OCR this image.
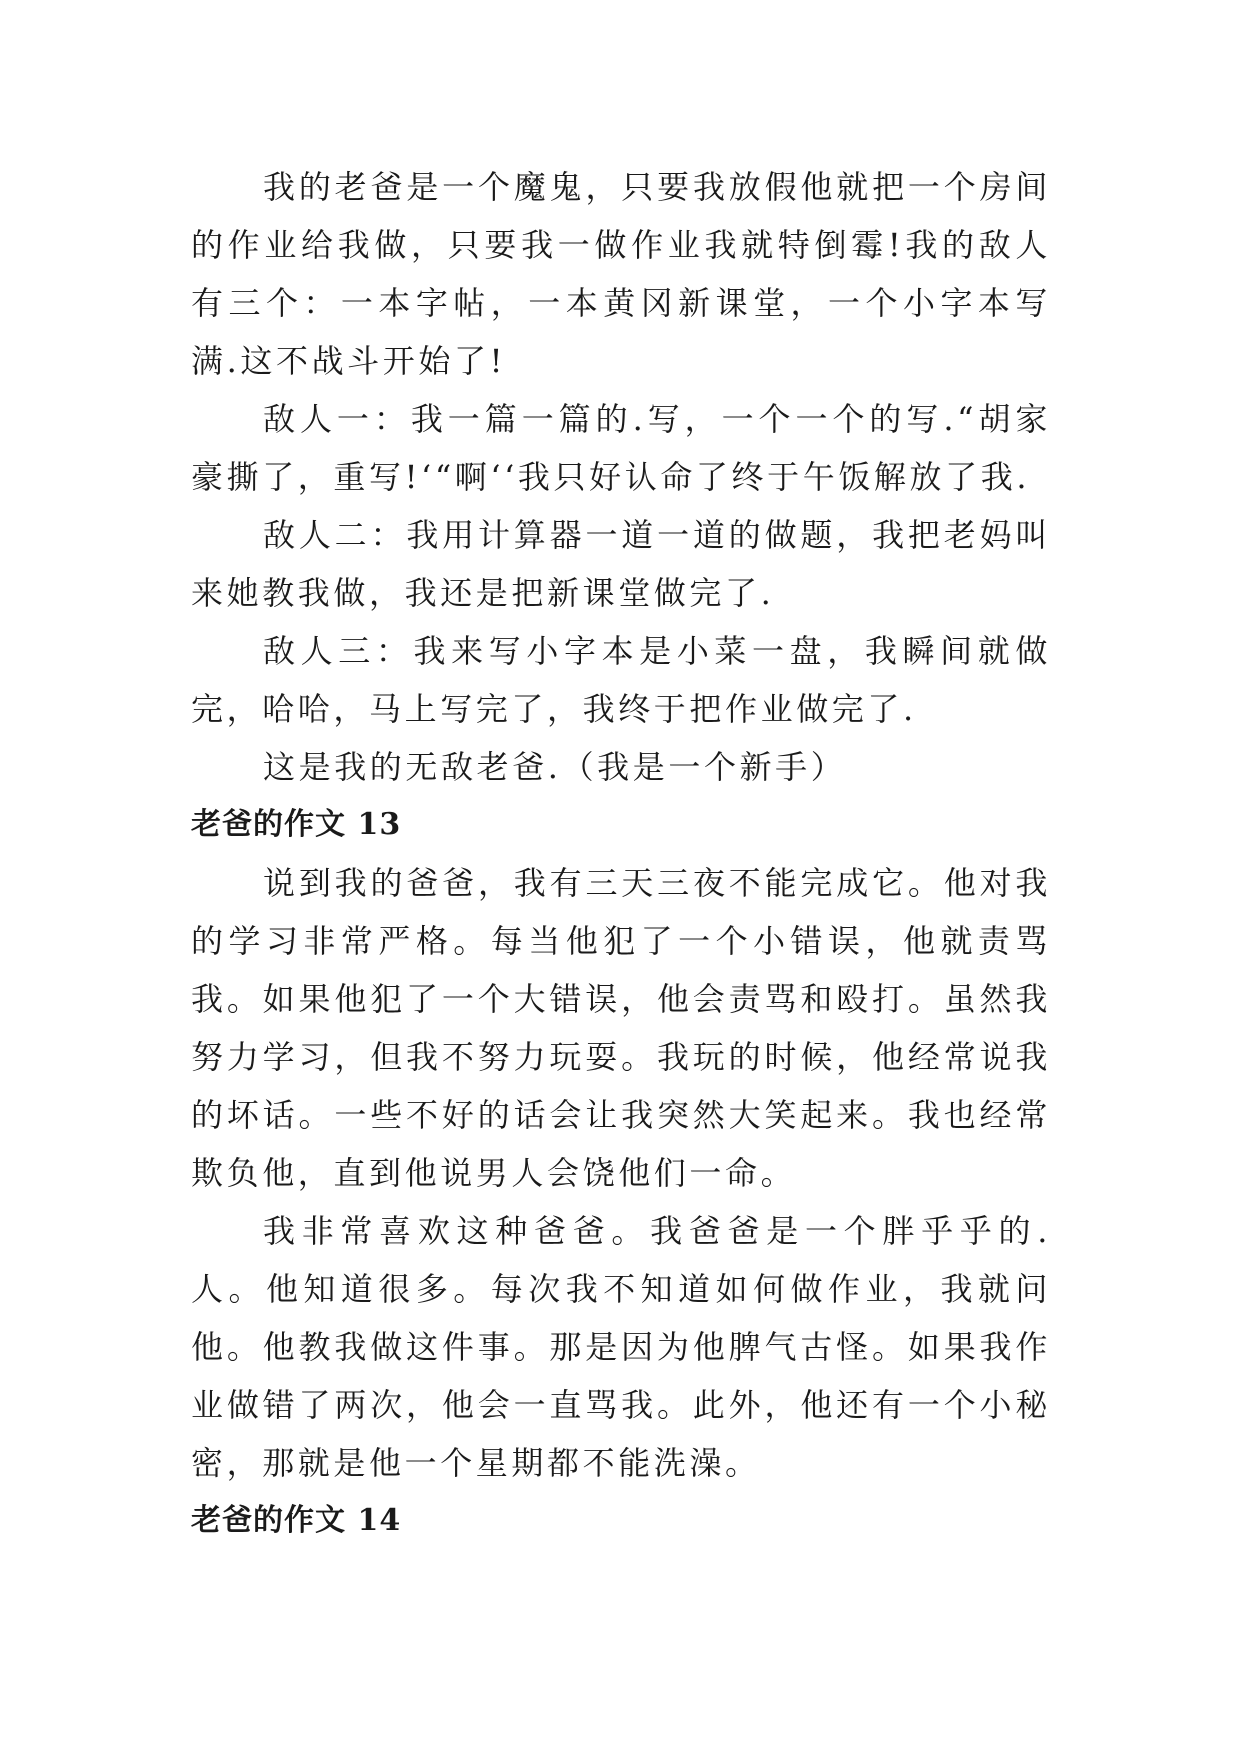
我的老爸是一个魔鬼，只要我放假他就把一个房间的作业给我做，只要我一做作业我就特倒霉!我的敌人有三个：一本字帖，一本黄冈新课堂，一个小字本写满.这不战斗开始了!

敌人一：我一篇一篇的.写，一个一个的写.“胡家豪撕了，重写!‘“啊‘‘我只好认命了终于午饭解放了我.

敌人二：我用计算器一道一道的做题，我把老妈叫来她教我做，我还是把新课堂做完了.

敌人三：我来写小字本是小菜一盘，我瞬间就做完，哈哈，马上写完了，我终于把作业做完了.

这是我的无敌老爸.（我是一个新手）

老爸的作文 13

说到我的爸爸，我有三天三夜不能完成它。他对我的学习非常严格。每当他犯了一个小错误，他就责骂我。如果他犯了一个大错误，他会责骂和殴打。虽然我努力学习，但我不努力玩耍。我玩的时候，他经常说我的坏话。一些不好的话会让我突然大笑起来。我也经常欺负他，直到他说男人会饶他们一命。

我非常喜欢这种爸爸。我爸爸是一个胖乎乎的.人。他知道很多。每次我不知道如何做作业，我就问他。他教我做这件事。那是因为他脾气古怪。如果我作业做错了两次，他会一直骂我。此外，他还有一个小秘密，那就是他一个星期都不能洗澡。

老爸的作文 14
